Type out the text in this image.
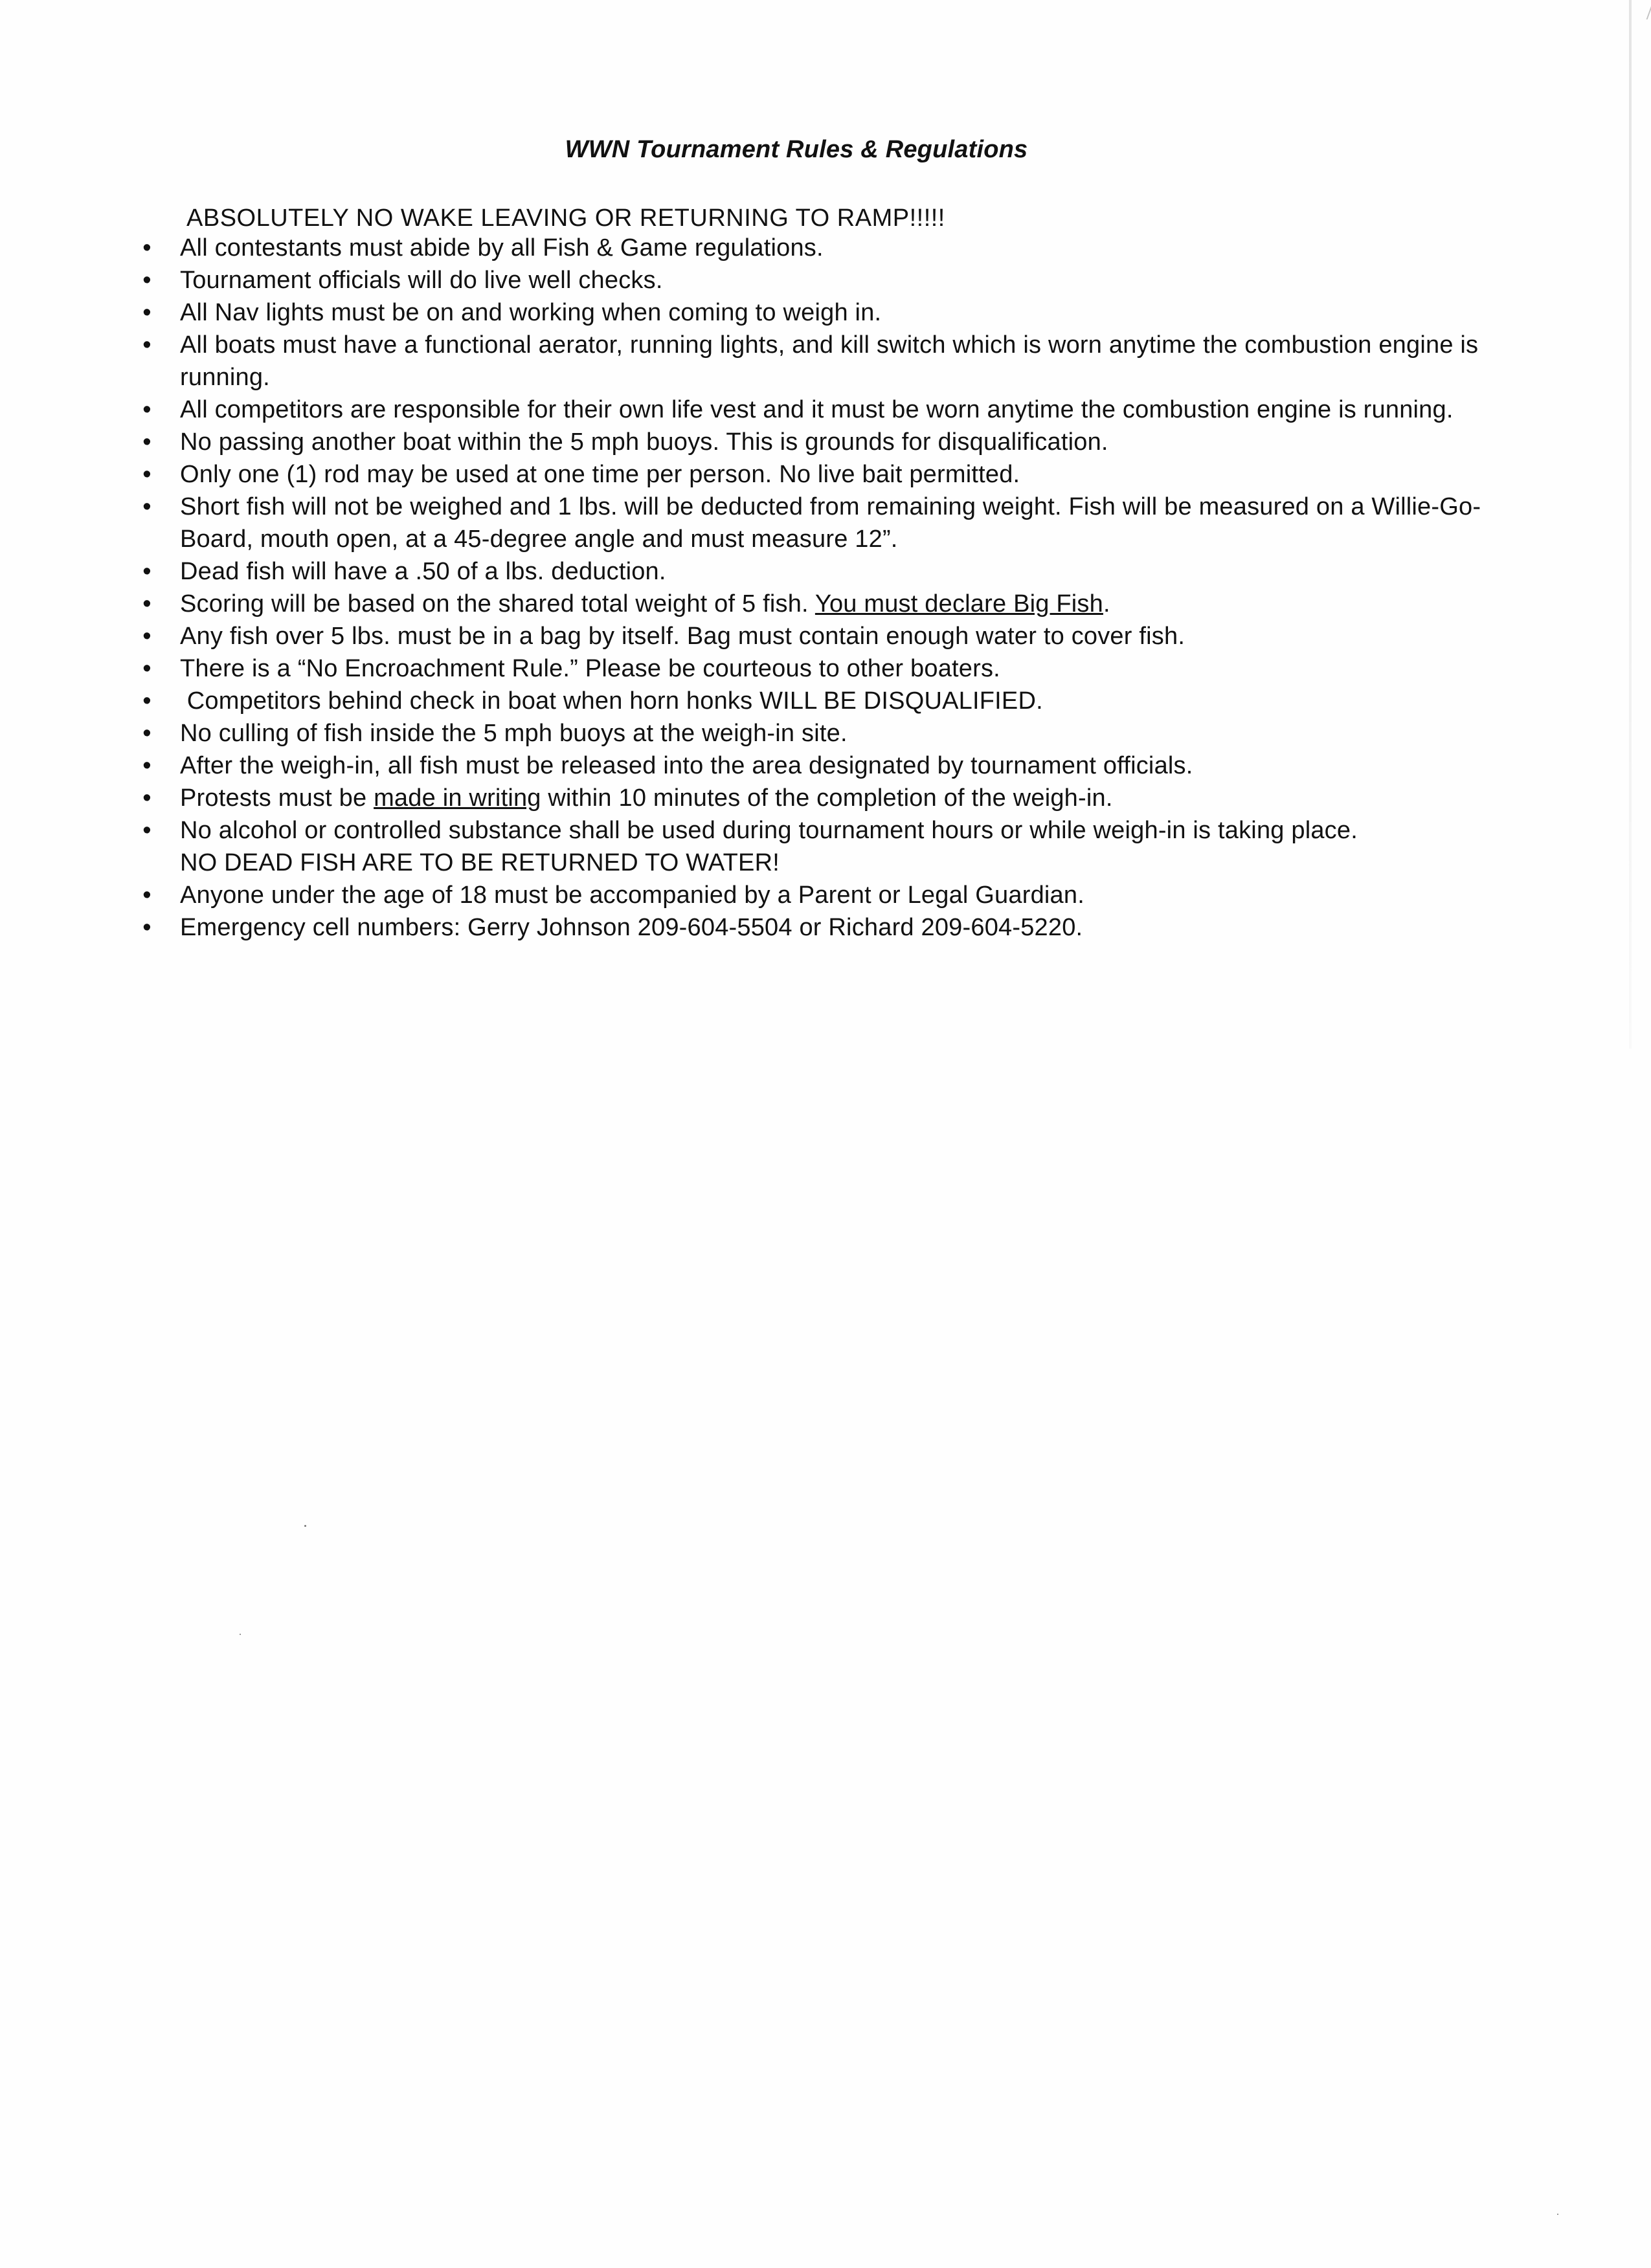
WWN Tournament Rules & Regulations
ABSOLUTELY NO WAKE LEAVING OR RETURNING TO RAMP!!!!!
• All contestants must abide by all Fish & Game regulations.
• Tournament officials will do live well checks.
• All Nav lights must be on and working when coming to weigh in.
• All boats must have a functional aerator, running lights, and kill switch which is worn anytime the combustion engine is running.
• All competitors are responsible for their own life vest and it must be worn anytime the combustion engine is running.
• No passing another boat within the 5 mph buoys. This is grounds for disqualification.
• Only one (1) rod may be used at one time per person. No live bait permitted.
• Short fish will not be weighed and 1 lbs. will be deducted from remaining weight. Fish will be measured on a Willie-Go-Board, mouth open, at a 45-degree angle and must measure 12”.
• Dead fish will have a .50 of a lbs. deduction.
• Scoring will be based on the shared total weight of 5 fish. You must declare Big Fish.
• Any fish over 5 lbs. must be in a bag by itself. Bag must contain enough water to cover fish.
• There is a “No Encroachment Rule.” Please be courteous to other boaters.
• Competitors behind check in boat when horn honks WILL BE DISQUALIFIED.
• No culling of fish inside the 5 mph buoys at the weigh-in site.
• After the weigh-in, all fish must be released into the area designated by tournament officials.
• Protests must be made in writing within 10 minutes of the completion of the weigh-in.
• No alcohol or controlled substance shall be used during tournament hours or while weigh-in is taking place.
NO DEAD FISH ARE TO BE RETURNED TO WATER!
• Anyone under the age of 18 must be accompanied by a Parent or Legal Guardian.
• Emergency cell numbers: Gerry Johnson 209-604-5504 or Richard 209-604-5220.
